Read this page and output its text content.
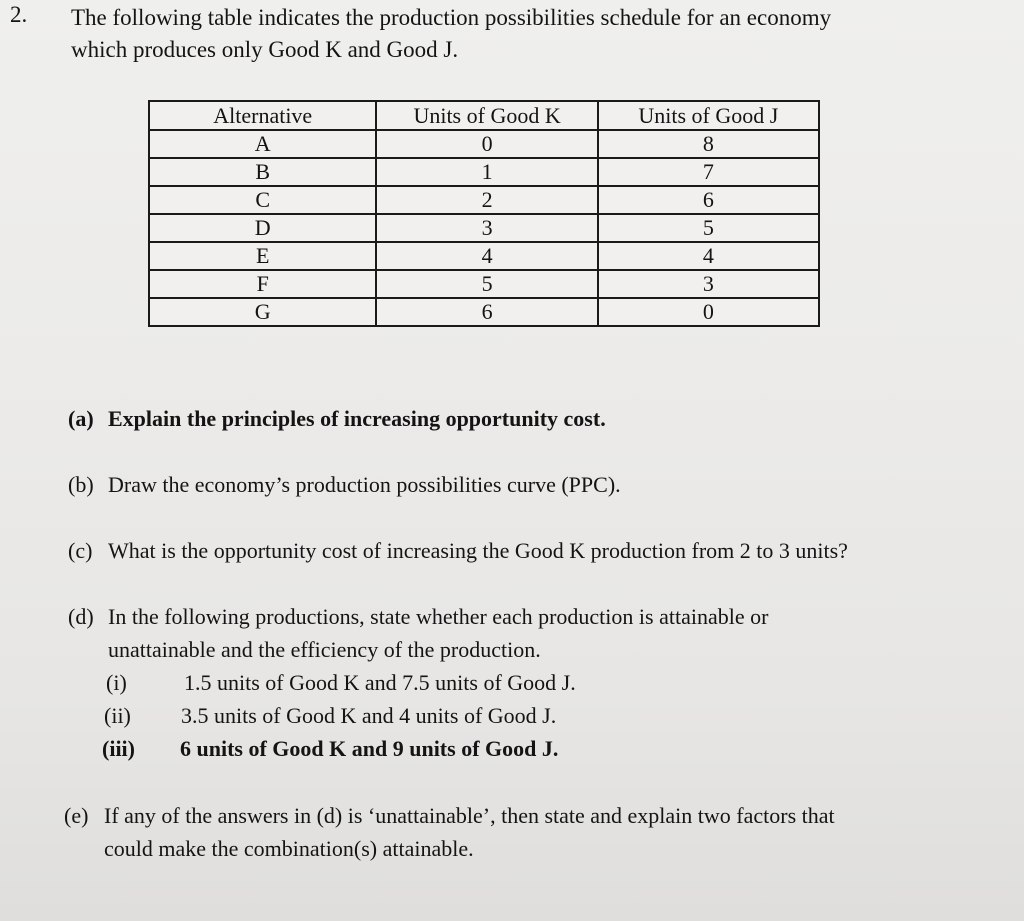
2. The following table indicates the production possibilities schedule for an economy
which produces only Good K and Good J.
Alternative	Units of Good K	Units of Good J
A	0	8
B	1	7
C	2	6
D	3	5
E	4	4
F	5	3
G	6	0
(a) Explain the principles of increasing opportunity cost.
(b) Draw the economy’s production possibilities curve (PPC).
(c) What is the opportunity cost of increasing the Good K production from 2 to 3 units?
(d) In the following productions, state whether each production is attainable or
unattainable and the efficiency of the production.
(i)	1.5 units of Good K and 7.5 units of Good J.
(ii) 3.5 units of Good K and 4 units of Good J.
(iii) 6 units of Good K and 9 units of Good J.
(e) If any of the answers in (d) is ‘unattainable’, then state and explain two factors that
could make the combination(s) attainable.
